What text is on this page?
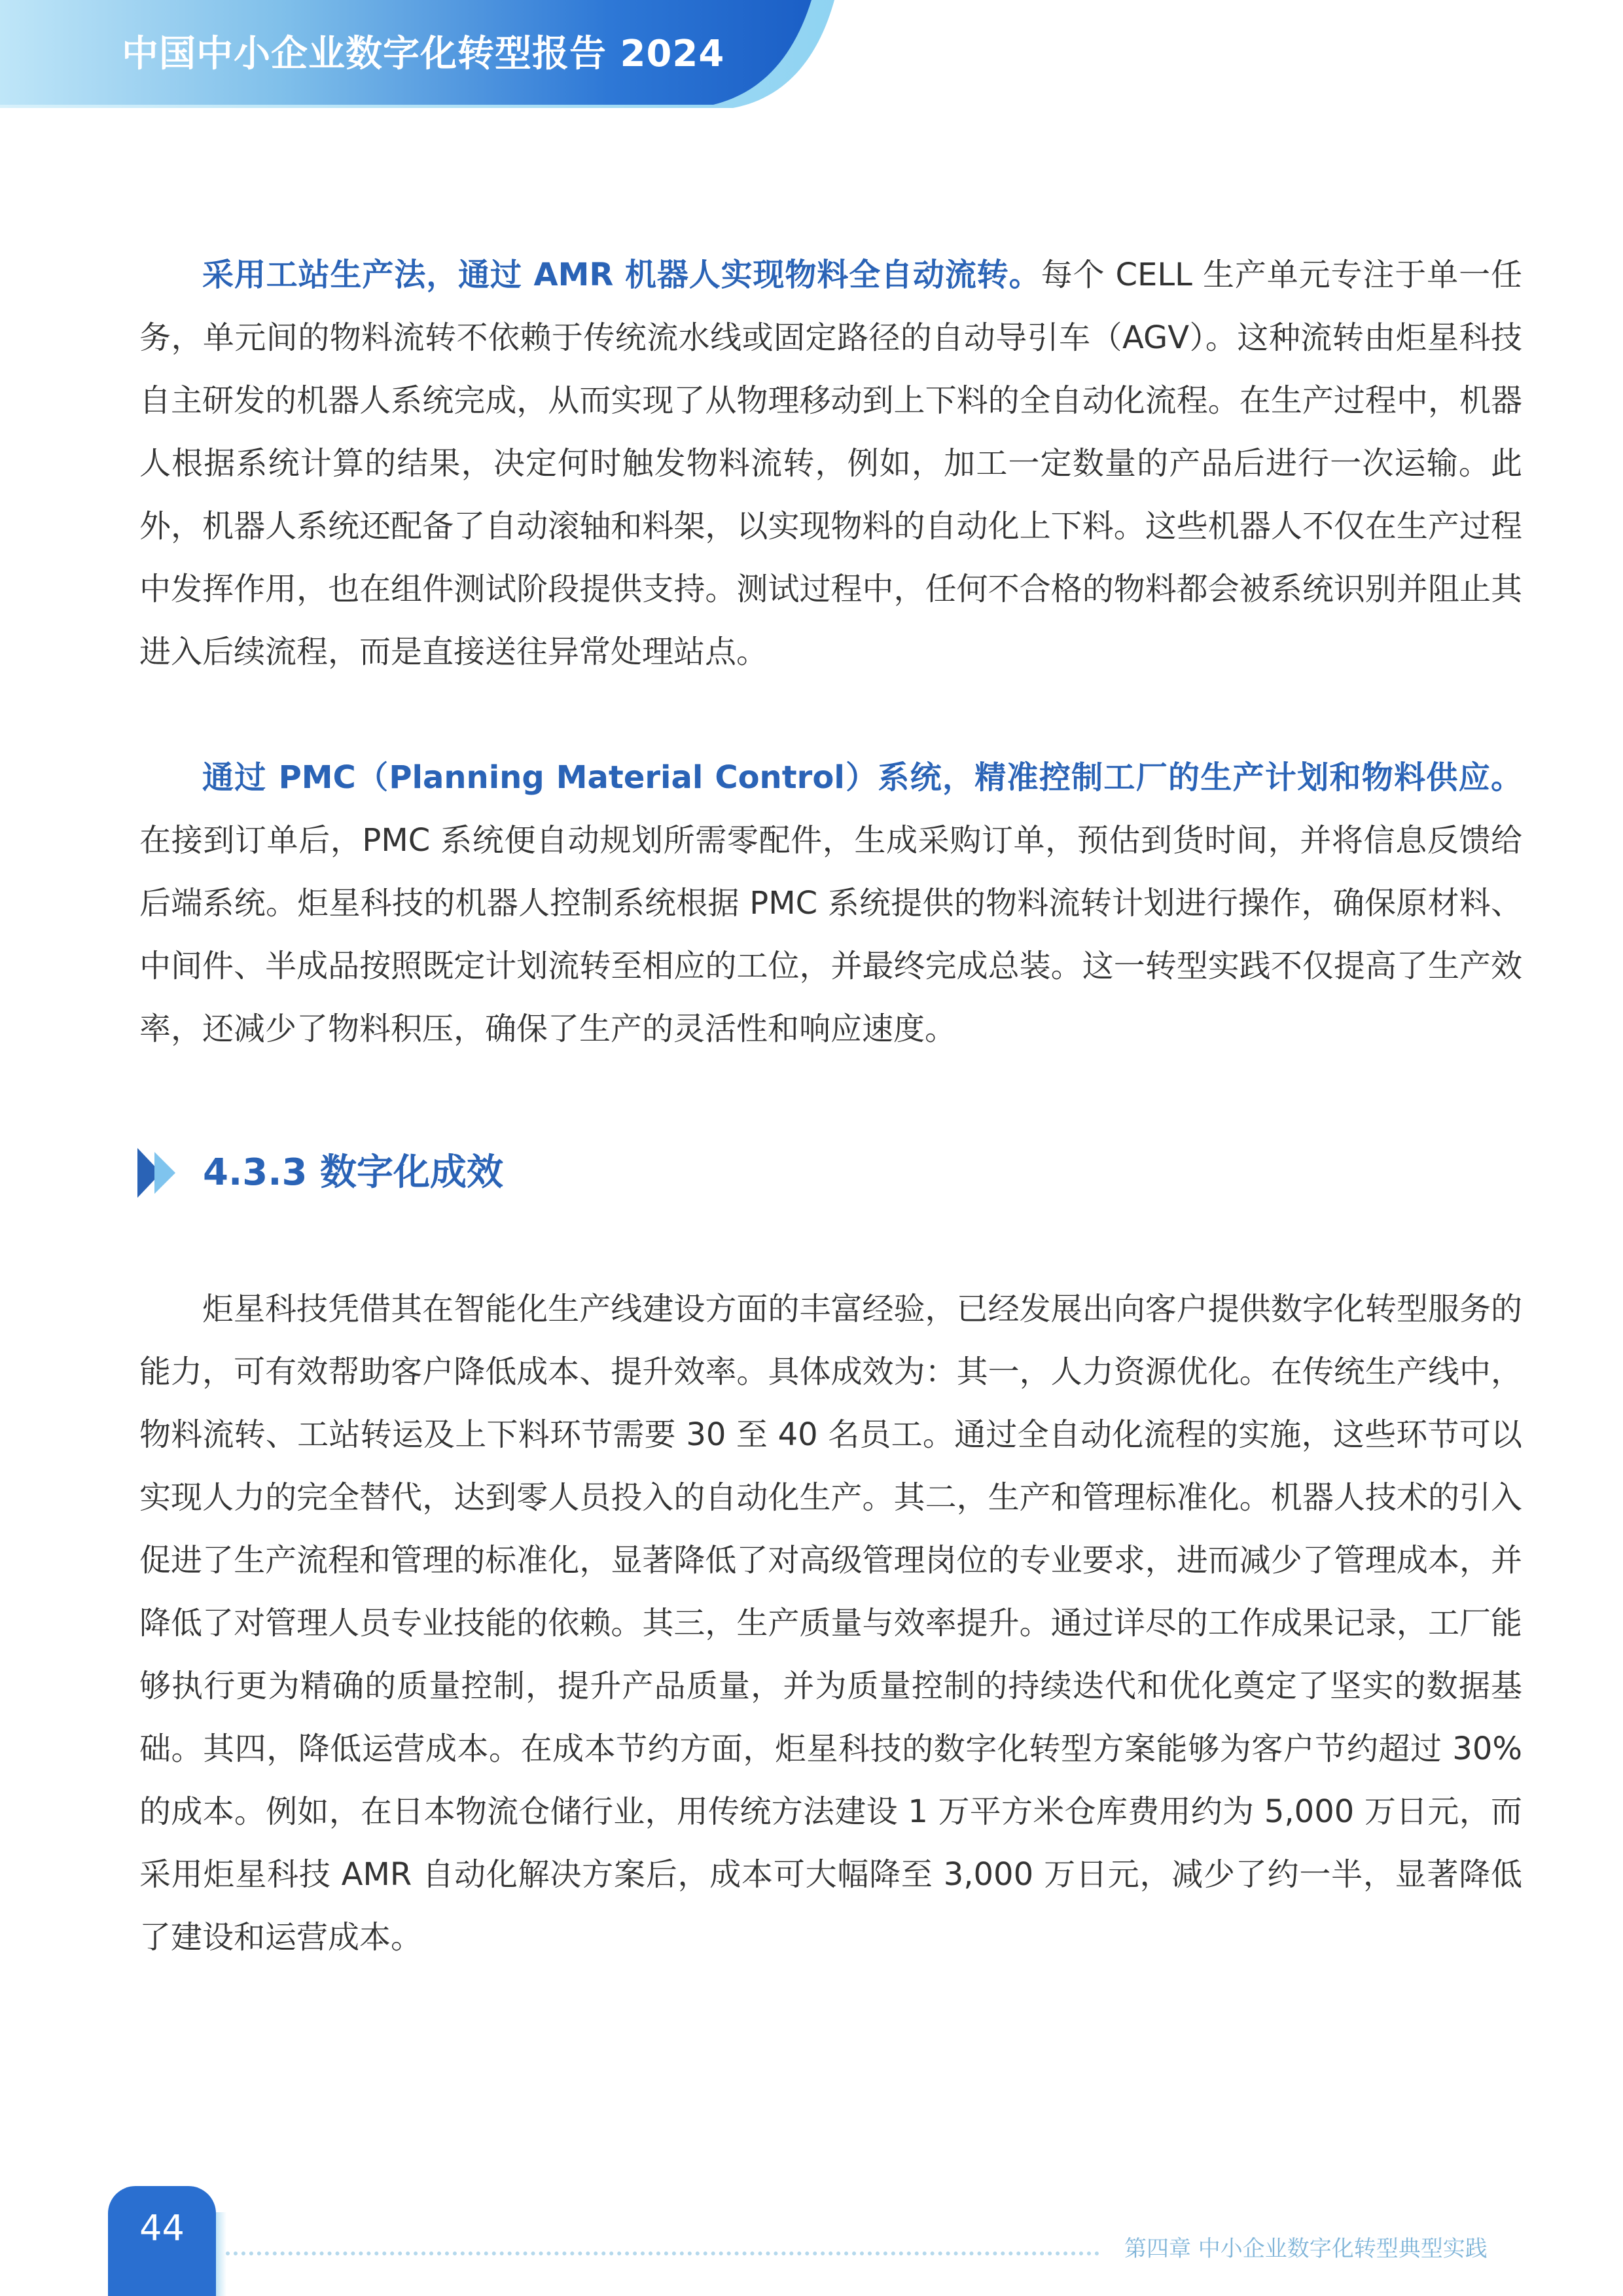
中国中小企业数字化转型报告 2024

采用工站生产法，通过 AMR 机器人实现物料全自动流转。每个 CELL 生产单元专注于单一任务，单元间的物料流转不依赖于传统流水线或固定路径的自动导引车（AGV）。这种流转由炬星科技自主研发的机器人系统完成，从而实现了从物理移动到上下料的全自动化流程。在生产过程中，机器人根据系统计算的结果，决定何时触发物料流转，例如，加工一定数量的产品后进行一次运输。此外，机器人系统还配备了自动滚轴和料架，以实现物料的自动化上下料。这些机器人不仅在生产过程中发挥作用，也在组件测试阶段提供支持。测试过程中，任何不合格的物料都会被系统识别并阻止其进入后续流程，而是直接送往异常处理站点。

通过 PMC（Planning Material Control）系统，精准控制工厂的生产计划和物料供应。在接到订单后，PMC 系统便自动规划所需零配件，生成采购订单，预估到货时间，并将信息反馈给后端系统。炬星科技的机器人控制系统根据 PMC 系统提供的物料流转计划进行操作，确保原材料、中间件、半成品按照既定计划流转至相应的工位，并最终完成总装。这一转型实践不仅提高了生产效率，还减少了物料积压，确保了生产的灵活性和响应速度。

4.3.3 数字化成效

炬星科技凭借其在智能化生产线建设方面的丰富经验，已经发展出向客户提供数字化转型服务的能力，可有效帮助客户降低成本、提升效率。具体成效为：其一，人力资源优化。在传统生产线中，物料流转、工站转运及上下料环节需要 30 至 40 名员工。通过全自动化流程的实施，这些环节可以实现人力的完全替代，达到零人员投入的自动化生产。其二，生产和管理标准化。机器人技术的引入促进了生产流程和管理的标准化，显著降低了对高级管理岗位的专业要求，进而减少了管理成本，并降低了对管理人员专业技能的依赖。其三，生产质量与效率提升。通过详尽的工作成果记录，工厂能够执行更为精确的质量控制，提升产品质量，并为质量控制的持续迭代和优化奠定了坚实的数据基础。其四，降低运营成本。在成本节约方面，炬星科技的数字化转型方案能够为客户节约超过 30% 的成本。例如，在日本物流仓储行业，用传统方法建设 1 万平方米仓库费用约为 5,000 万日元，而采用炬星科技 AMR 自动化解决方案后，成本可大幅降至 3,000 万日元，减少了约一半，显著降低了建设和运营成本。

44	第四章 中小企业数字化转型典型实践
